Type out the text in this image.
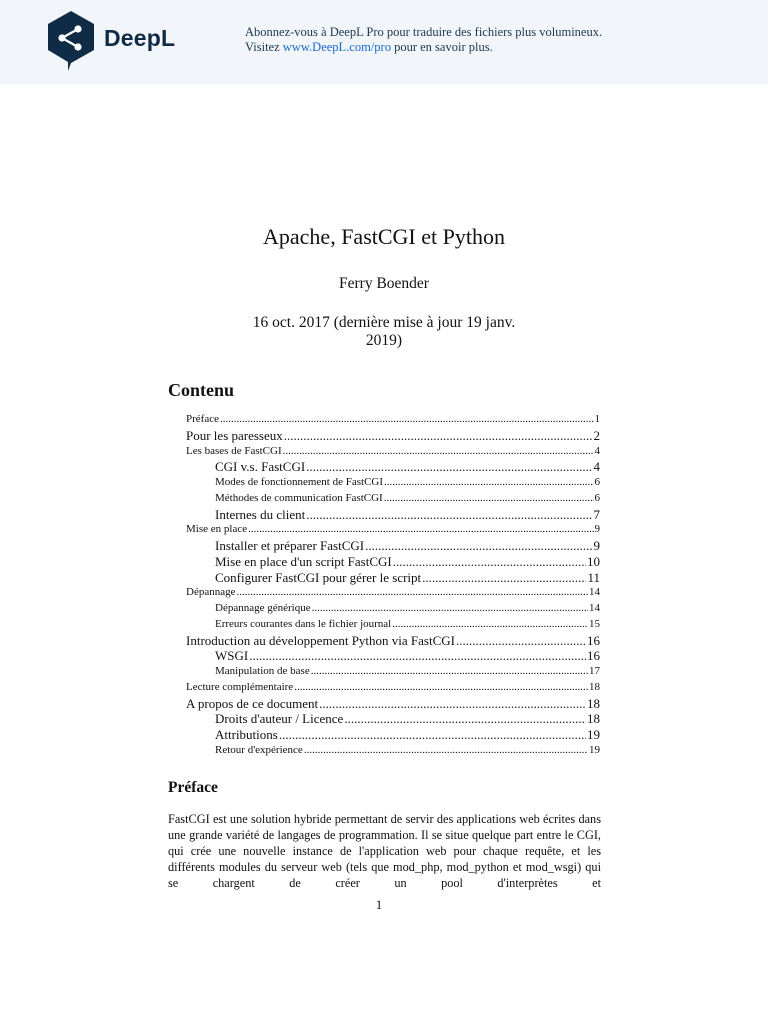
DeepL	Abonnez-vous à DeepL Pro pour traduire des fichiers plus volumineux.
Visitez www.DeepL.com/pro pour en savoir plus.
Apache, FastCGI et Python
Ferry Boender
16 oct. 2017 (dernière mise à jour 19 janv. 2019)
Contenu
Préface .....	1
Pour les paresseux .....	2
Les bases de FastCGI .....	4
CGI v.s. FastCGI .....	4
Modes de fonctionnement de FastCGI .....	6
Méthodes de communication FastCGI .....	6
Internes du client .....	7
Mise en place .....	9
Installer et préparer FastCGI .....	9
Mise en place d'un script FastCGI .....	10
Configurer FastCGI pour gérer le script .....	11
Dépannage .....	14
Dépannage générique .....	14
Erreurs courantes dans le fichier journal .....	15
Introduction au développement Python via FastCGI .....	16
WSGI .....	16
Manipulation de base .....	17
Lecture complémentaire .....	18
A propos de ce document .....	18
Droits d'auteur / Licence .....	18
Attributions .....	19
Retour d'expérience .....	19
Préface
FastCGI est une solution hybride permettant de servir des applications web écrites dans une grande variété de langages de programmation. Il se situe quelque part entre le CGI, qui crée une nouvelle instance de l'application web pour chaque requête, et les différents modules du serveur web (tels que mod_php, mod_python et mod_wsgi) qui se chargent de créer un pool d'interprètes et
1
